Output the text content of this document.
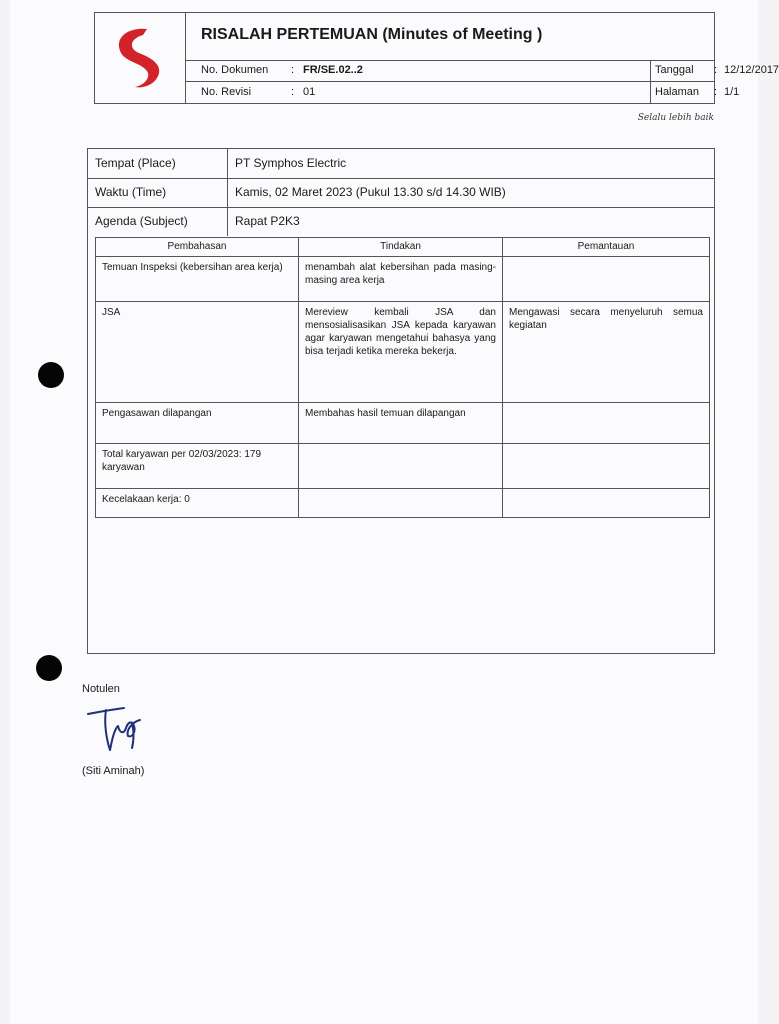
RISALAH PERTEMUAN (Minutes of Meeting )
No. Dokumen : FR/SE.02..2	Tanggal : 12/12/2017
No. Revisi	: 01	Halaman : 1/1
Selalu lebih baik
Tempat (Place)	PT Symphos Electric
Waktu (Time)	Kamis, 02 Maret 2023 (Pukul 13.30 s/d 14.30 WIB)
Agenda (Subject)	Rapat P2K3
Pembahasan	Tindakan	Pemantauan
Temuan Inspeksi (kebersihan area kerja)	menambah alat kebersihan pada masing-masing area kerja	
JSA	Mereview kembali JSA dan mensosialisasikan JSA kepada karyawan agar karyawan mengetahui bahasya yang bisa terjadi ketika mereka bekerja.	Mengawasi secara menyeluruh semua kegiatan
Pengasawan dilapangan	Membahas hasil temuan dilapangan	
Total karyawan per 02/03/2023: 179 karyawan		
Kecelakaan kerja: 0		
Notulen
(Siti Aminah)
